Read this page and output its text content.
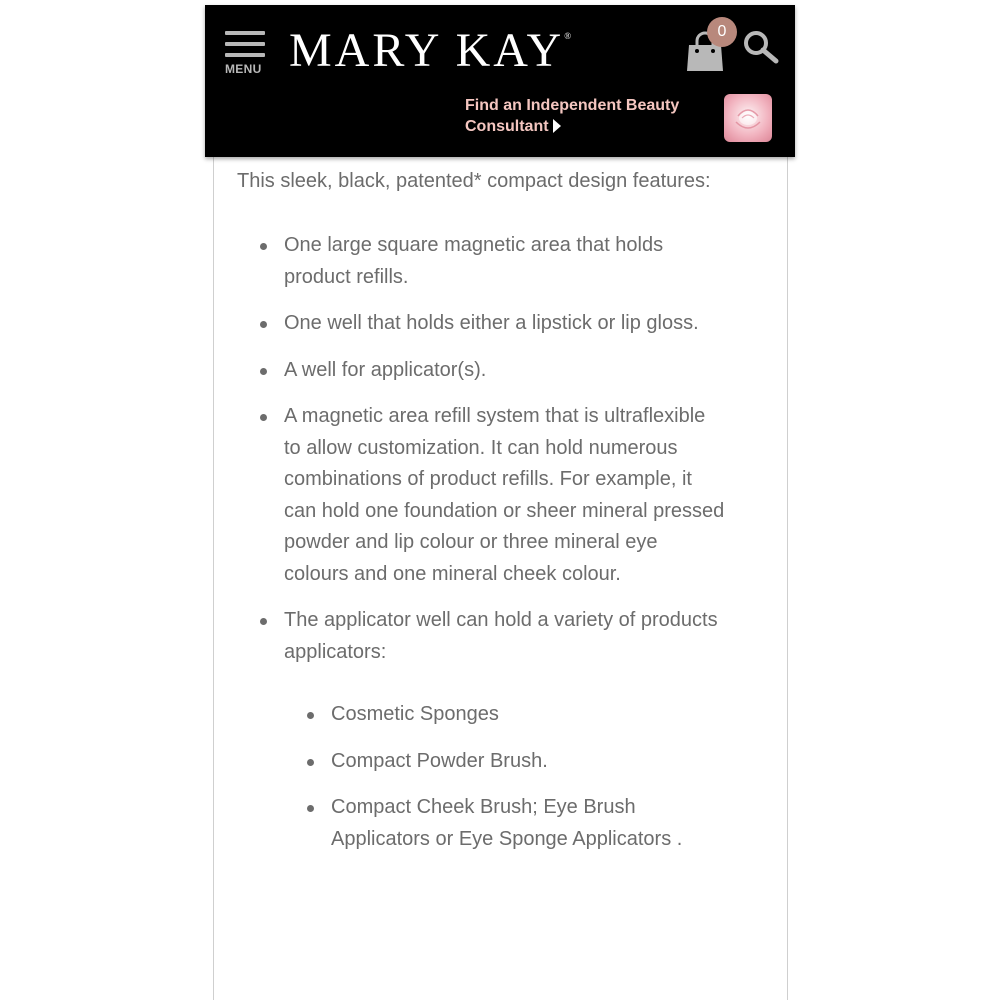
MENU MARY KAY®	0
Find an Independent Beauty Consultant

This sleek, black, patented* compact design features:

One large square magnetic area that holds product refills.
One well that holds either a lipstick or lip gloss.
A well for applicator(s).
A magnetic area refill system that is ultraflexible to allow customization. It can hold numerous combinations of product refills. For example, it can hold one foundation or sheer mineral pressed powder and lip colour or three mineral eye colours and one mineral cheek colour.
The applicator well can hold a variety of products applicators:
Cosmetic Sponges
Compact Powder Brush.
Compact Cheek Brush; Eye Brush Applicators or Eye Sponge Applicators .
